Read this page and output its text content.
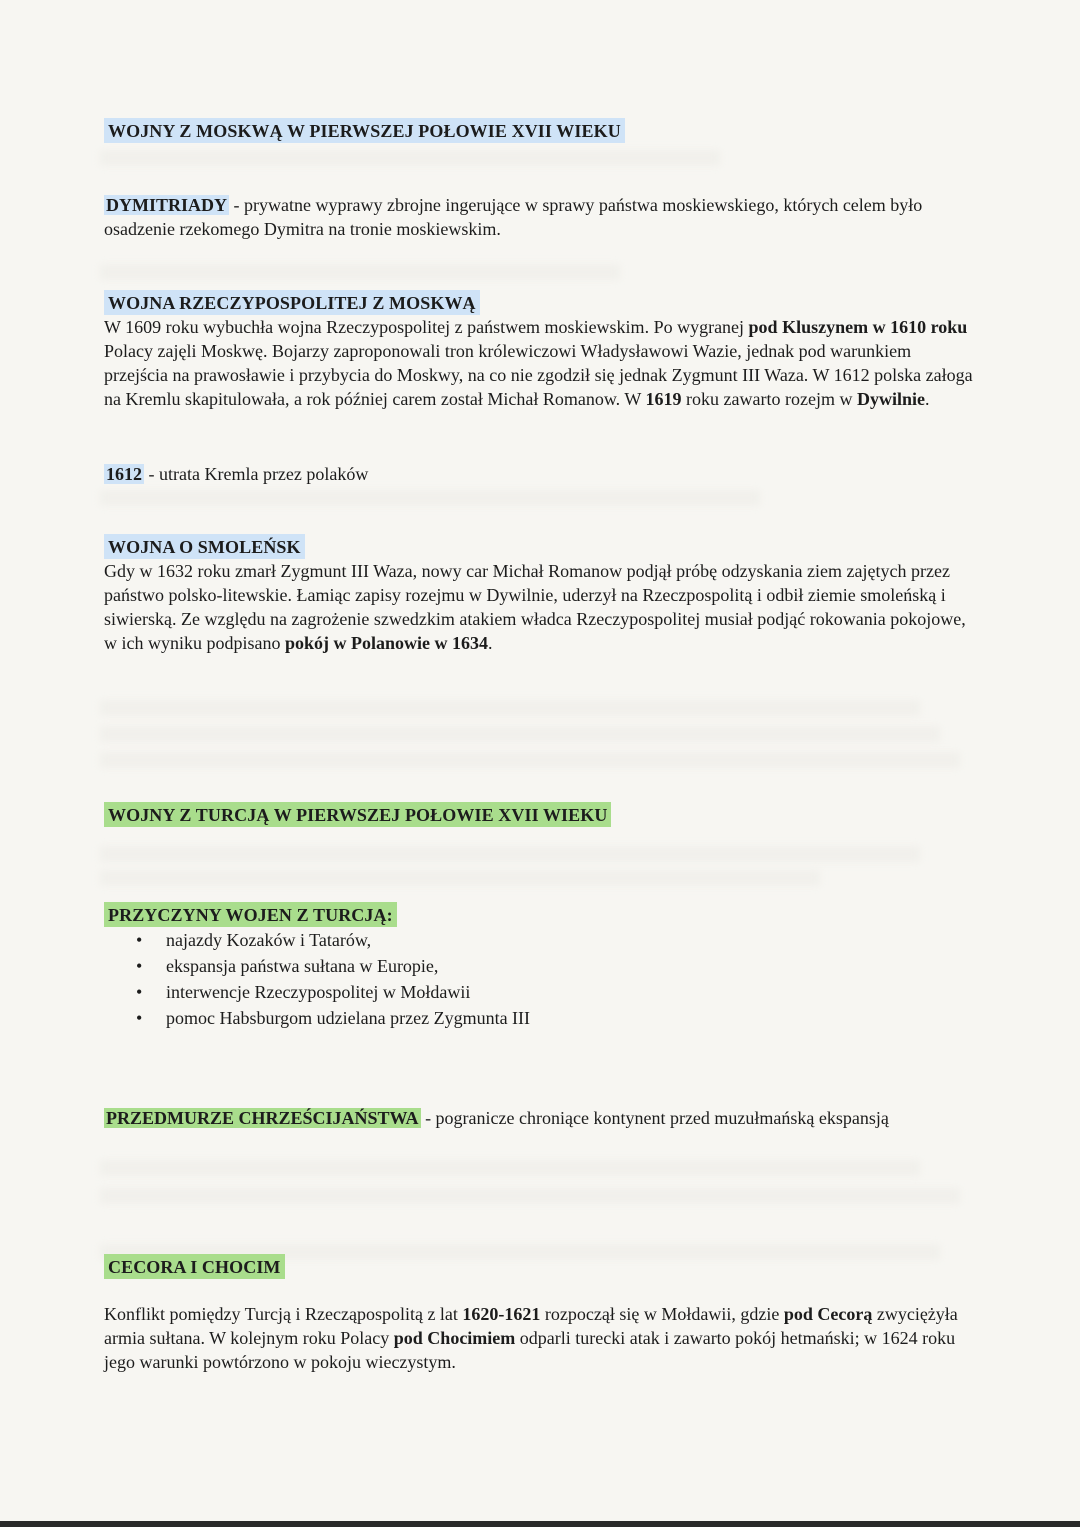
WOJNY Z MOSKWĄ W PIERWSZEJ POŁOWIE XVII WIEKU

DYMITRIADY - prywatne wyprawy zbrojne ingerujące w sprawy państwa moskiewskiego, których celem było osadzenie rzekomego Dymitra na tronie moskiewskim.

WOJNA RZECZYPOSPOLITEJ Z MOSKWĄ

W 1609 roku wybuchła wojna Rzeczypospolitej z państwem moskiewskim. Po wygranej pod Kluszynem w 1610 roku Polacy zajęli Moskwę. Bojarzy zaproponowali tron królewiczowi Władysławowi Wazie, jednak pod warunkiem przejścia na prawosławie i przybycia do Moskwy, na co nie zgodził się jednak Zygmunt III Waza. W 1612 polska załoga na Kremlu skapitulowała, a rok później carem został Michał Romanow. W 1619 roku zawarto rozejm w Dywilnie.

1612 - utrata Kremla przez polaków

WOJNA O SMOLEŃSK

Gdy w 1632 roku zmarł Zygmunt III Waza, nowy car Michał Romanow podjął próbę odzyskania ziem zajętych przez państwo polsko-litewskie. Łamiąc zapisy rozejmu w Dywilnie, uderzył na Rzeczpospolitą i odbił ziemie smoleńską i siwierską. Ze względu na zagrożenie szwedzkim atakiem władca Rzeczypospolitej musiał podjąć rokowania pokojowe, w ich wyniku podpisano pokój w Polanowie w 1634.

WOJNY Z TURCJĄ W PIERWSZEJ POŁOWIE XVII WIEKU
PRZYCZYNY WOJEN Z TURCJĄ:
• najazdy Kozaków i Tatarów,
• ekspansja państwa sułtana w Europie,
• interwencje Rzeczypospolitej w Mołdawii
• pomoc Habsburgom udzielana przez Zygmunta III

PRZEDMURZE CHRZEŚCIJAŃSTWA - pogranicze chroniące kontynent przed muzułmańską ekspansją

CECORA I CHOCIM

Konflikt pomiędzy Turcją i Rzecząpospolitą z lat 1620-1621 rozpoczął się w Mołdawii, gdzie pod Cecorą zwyciężyła armia sułtana. W kolejnym roku Polacy pod Chocimiem odparli turecki atak i zawarto pokój hetmański; w 1624 roku jego warunki powtórzono w pokoju wieczystym.
